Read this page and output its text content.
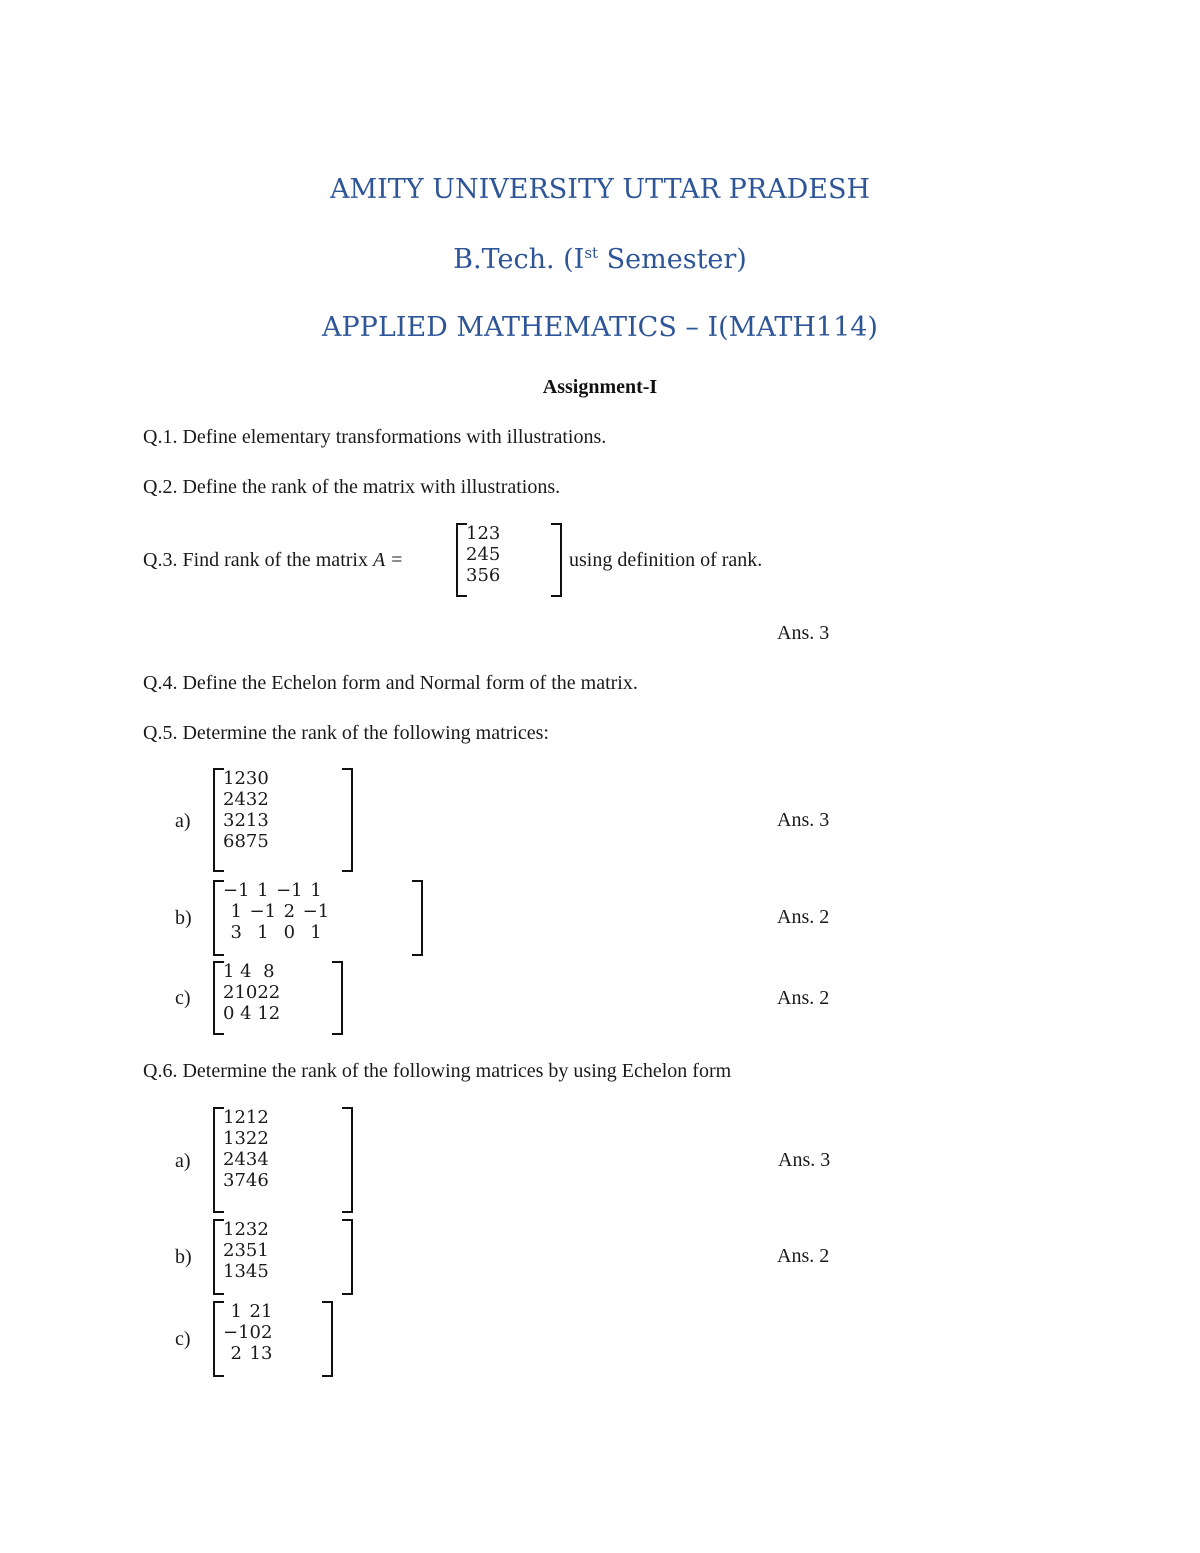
AMITY UNIVERSITY UTTAR PRADESH
B.Tech. (Ist Semester)
APPLIED MATHEMATICS – I(MATH114)
Assignment-I
Q.1. Define elementary transformations with illustrations.
Q.2. Define the rank of the matrix with illustrations.
Q.3. Find rank of the matrix A =
1	2	3
2	4	5
3	5	6
using definition of rank.
Ans. 3
Q.4. Define the Echelon form and Normal form of the matrix.
Q.5. Determine the rank of the following matrices:
a)
1	2	3	0
2	4	3	2
3	2	1	3
6	8	7	5
Ans. 3
b)
−1	1	−1	1
1	−1	2	−1
3	1	0	1
Ans. 2
c)
1	4	8
2	10	22
0	4	12
Ans. 2
Q.6. Determine the rank of the following matrices by using Echelon form
a)
1	2	1	2
1	3	2	2
2	4	3	4
3	7	4	6
Ans. 3
b)
1	2	3	2
2	3	5	1
1	3	4	5
Ans. 2
c)
1	2	1
−1	0	2
2	1	3
